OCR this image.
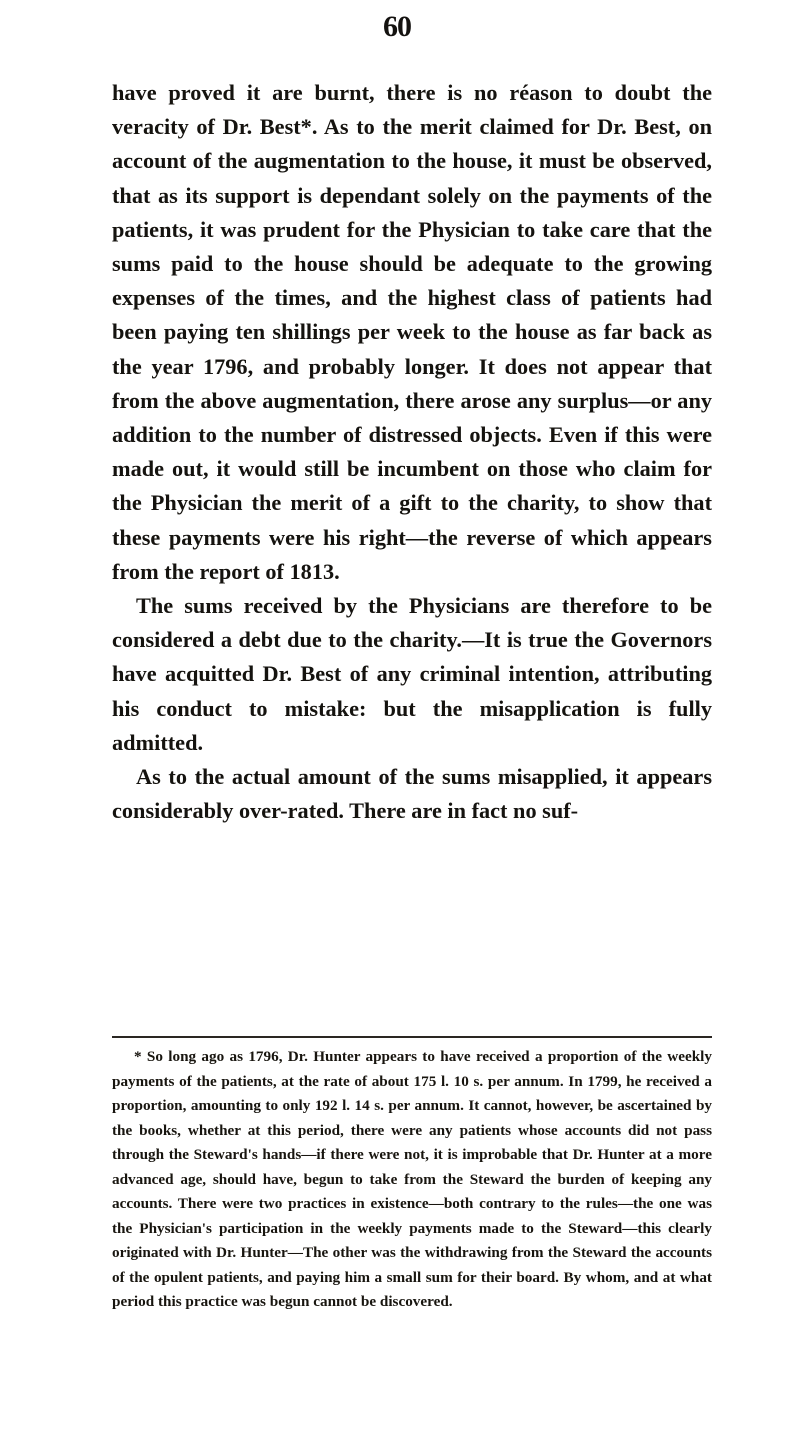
60

have proved it are burnt, there is no réason to doubt the veracity of Dr. Best*. As to the merit claimed for Dr. Best, on account of the augmentation to the house, it must be observed, that as its support is dependant solely on the payments of the patients, it was prudent for the Physician to take care that the sums paid to the house should be adequate to the growing expenses of the times, and the highest class of patients had been paying ten shillings per week to the house as far back as the year 1796, and probably longer. It does not appear that from the above augmentation, there arose any surplus—or any addition to the number of distressed objects. Even if this were made out, it would still be incumbent on those who claim for the Physician the merit of a gift to the charity, to show that these payments were his right—the reverse of which appears from the report of 1813.

The sums received by the Physicians are therefore to be considered a debt due to the charity.—It is true the Governors have acquitted Dr. Best of any criminal intention, attributing his conduct to mistake: but the misapplication is fully admitted.

As to the actual amount of the sums misapplied, it appears considerably over-rated. There are in fact no suf-

* So long ago as 1796, Dr. Hunter appears to have received a proportion of the weekly payments of the patients, at the rate of about 175 l. 10 s. per annum. In 1799, he received a proportion, amounting to only 192 l. 14 s. per annum. It cannot, however, be ascertained by the books, whether at this period, there were any patients whose accounts did not pass through the Steward's hands—if there were not, it is improbable that Dr. Hunter at a more advanced age, should have, begun to take from the Steward the burden of keeping any accounts. There were two practices in existence—both contrary to the rules—the one was the Physician's participation in the weekly payments made to the Steward—this clearly originated with Dr. Hunter—The other was the withdrawing from the Steward the accounts of the opulent patients, and paying him a small sum for their board. By whom, and at what period this practice was begun cannot be discovered.
